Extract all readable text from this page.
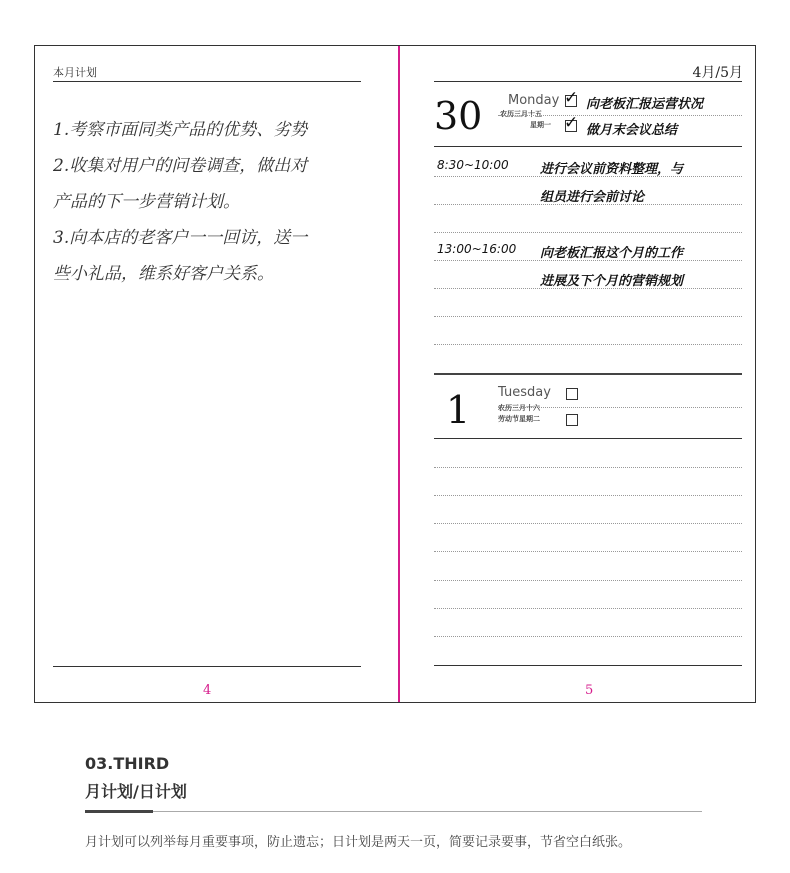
本月计划
1.考察市面同类产品的优势、劣势
2.收集对用户的问卷调查，做出对
产品的下一步营销计划。
3.向本店的老客户一一回访，送一
些小礼品，维系好客户关系。
4
4月/5月
5
30 Monday
农历三月十五
星期一
✓
向老板汇报运营状况
✓
做月末会议总结
8:30~10:00 进行会议前资料整理，与
组员进行会前讨论
13:00~16:00 向老板汇报这个月的工作
进展及下个月的营销规划
1 Tuesday
农历三月十六
劳动节星期二
03.THIRD
月计划/日计划
月计划可以列举每月重要事项，防止遗忘；日计划是两天一页，简要记录要事，节省空白纸张。
